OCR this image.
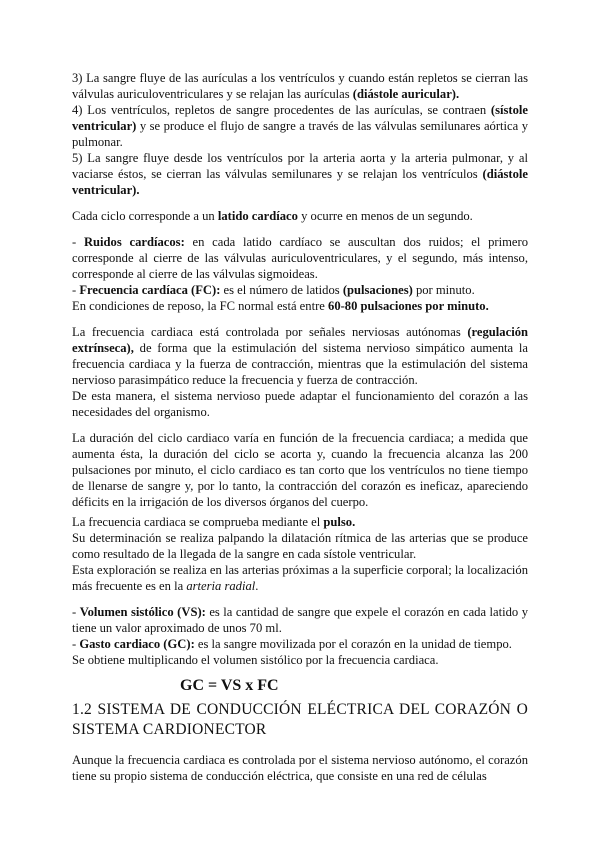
3) La sangre fluye de las aurículas a los ventrículos y cuando están repletos se cierran las válvulas auriculoventriculares y se relajan las aurículas (diástole auricular).

4) Los ventrículos, repletos de sangre procedentes de las aurículas, se contraen (sístole ventricular) y se produce el flujo de sangre a través de las válvulas semilunares aórtica y pulmonar.

5) La sangre fluye desde los ventrículos por la arteria aorta y la arteria pulmonar, y al vaciarse éstos, se cierran las válvulas semilunares y se relajan los ventrículos (diástole ventricular).

Cada ciclo corresponde a un latido cardíaco y ocurre en menos de un segundo.

- Ruidos cardíacos: en cada latido cardíaco se auscultan dos ruidos; el primero corresponde al cierre de las válvulas auriculoventriculares, y el segundo, más intenso, corresponde al cierre de las válvulas sigmoideas.

- Frecuencia cardíaca (FC): es el número de latidos (pulsaciones) por minuto.

En condiciones de reposo, la FC normal está entre 60-80 pulsaciones por minuto.

La frecuencia cardiaca está controlada por señales nerviosas autónomas (regulación extrínseca), de forma que la estimulación del sistema nervioso simpático aumenta la frecuencia cardiaca y la fuerza de contracción, mientras que la estimulación del sistema nervioso parasimpático reduce la frecuencia y fuerza de contracción.

De esta manera, el sistema nervioso puede adaptar el funcionamiento del corazón a las necesidades del organismo.

La duración del ciclo cardiaco varía en función de la frecuencia cardiaca; a medida que aumenta ésta, la duración del ciclo se acorta y, cuando la frecuencia alcanza las 200 pulsaciones por minuto, el ciclo cardiaco es tan corto que los ventrículos no tiene tiempo de llenarse de sangre y, por lo tanto, la contracción del corazón es ineficaz, apareciendo déficits en la irrigación de los diversos órganos del cuerpo.

La frecuencia cardiaca se comprueba mediante el pulso.

Su determinación se realiza palpando la dilatación rítmica de las arterias que se produce como resultado de la llegada de la sangre en cada sístole ventricular.

Esta exploración se realiza en las arterias próximas a la superficie corporal; la localización más frecuente es en la arteria radial.

- Volumen sistólico (VS): es la cantidad de sangre que expele el corazón en cada latido y tiene un valor aproximado de unos 70 ml.

- Gasto cardiaco (GC): es la sangre movilizada por el corazón en la unidad de tiempo.

Se obtiene multiplicando el volumen sistólico por la frecuencia cardiaca.

GC = VS x FC
1.2 SISTEMA DE CONDUCCIÓN ELÉCTRICA DEL CORAZÓN O SISTEMA CARDIONECTOR

Aunque la frecuencia cardiaca es controlada por el sistema nervioso autónomo, el corazón tiene su propio sistema de conducción eléctrica, que consiste en una red de células
